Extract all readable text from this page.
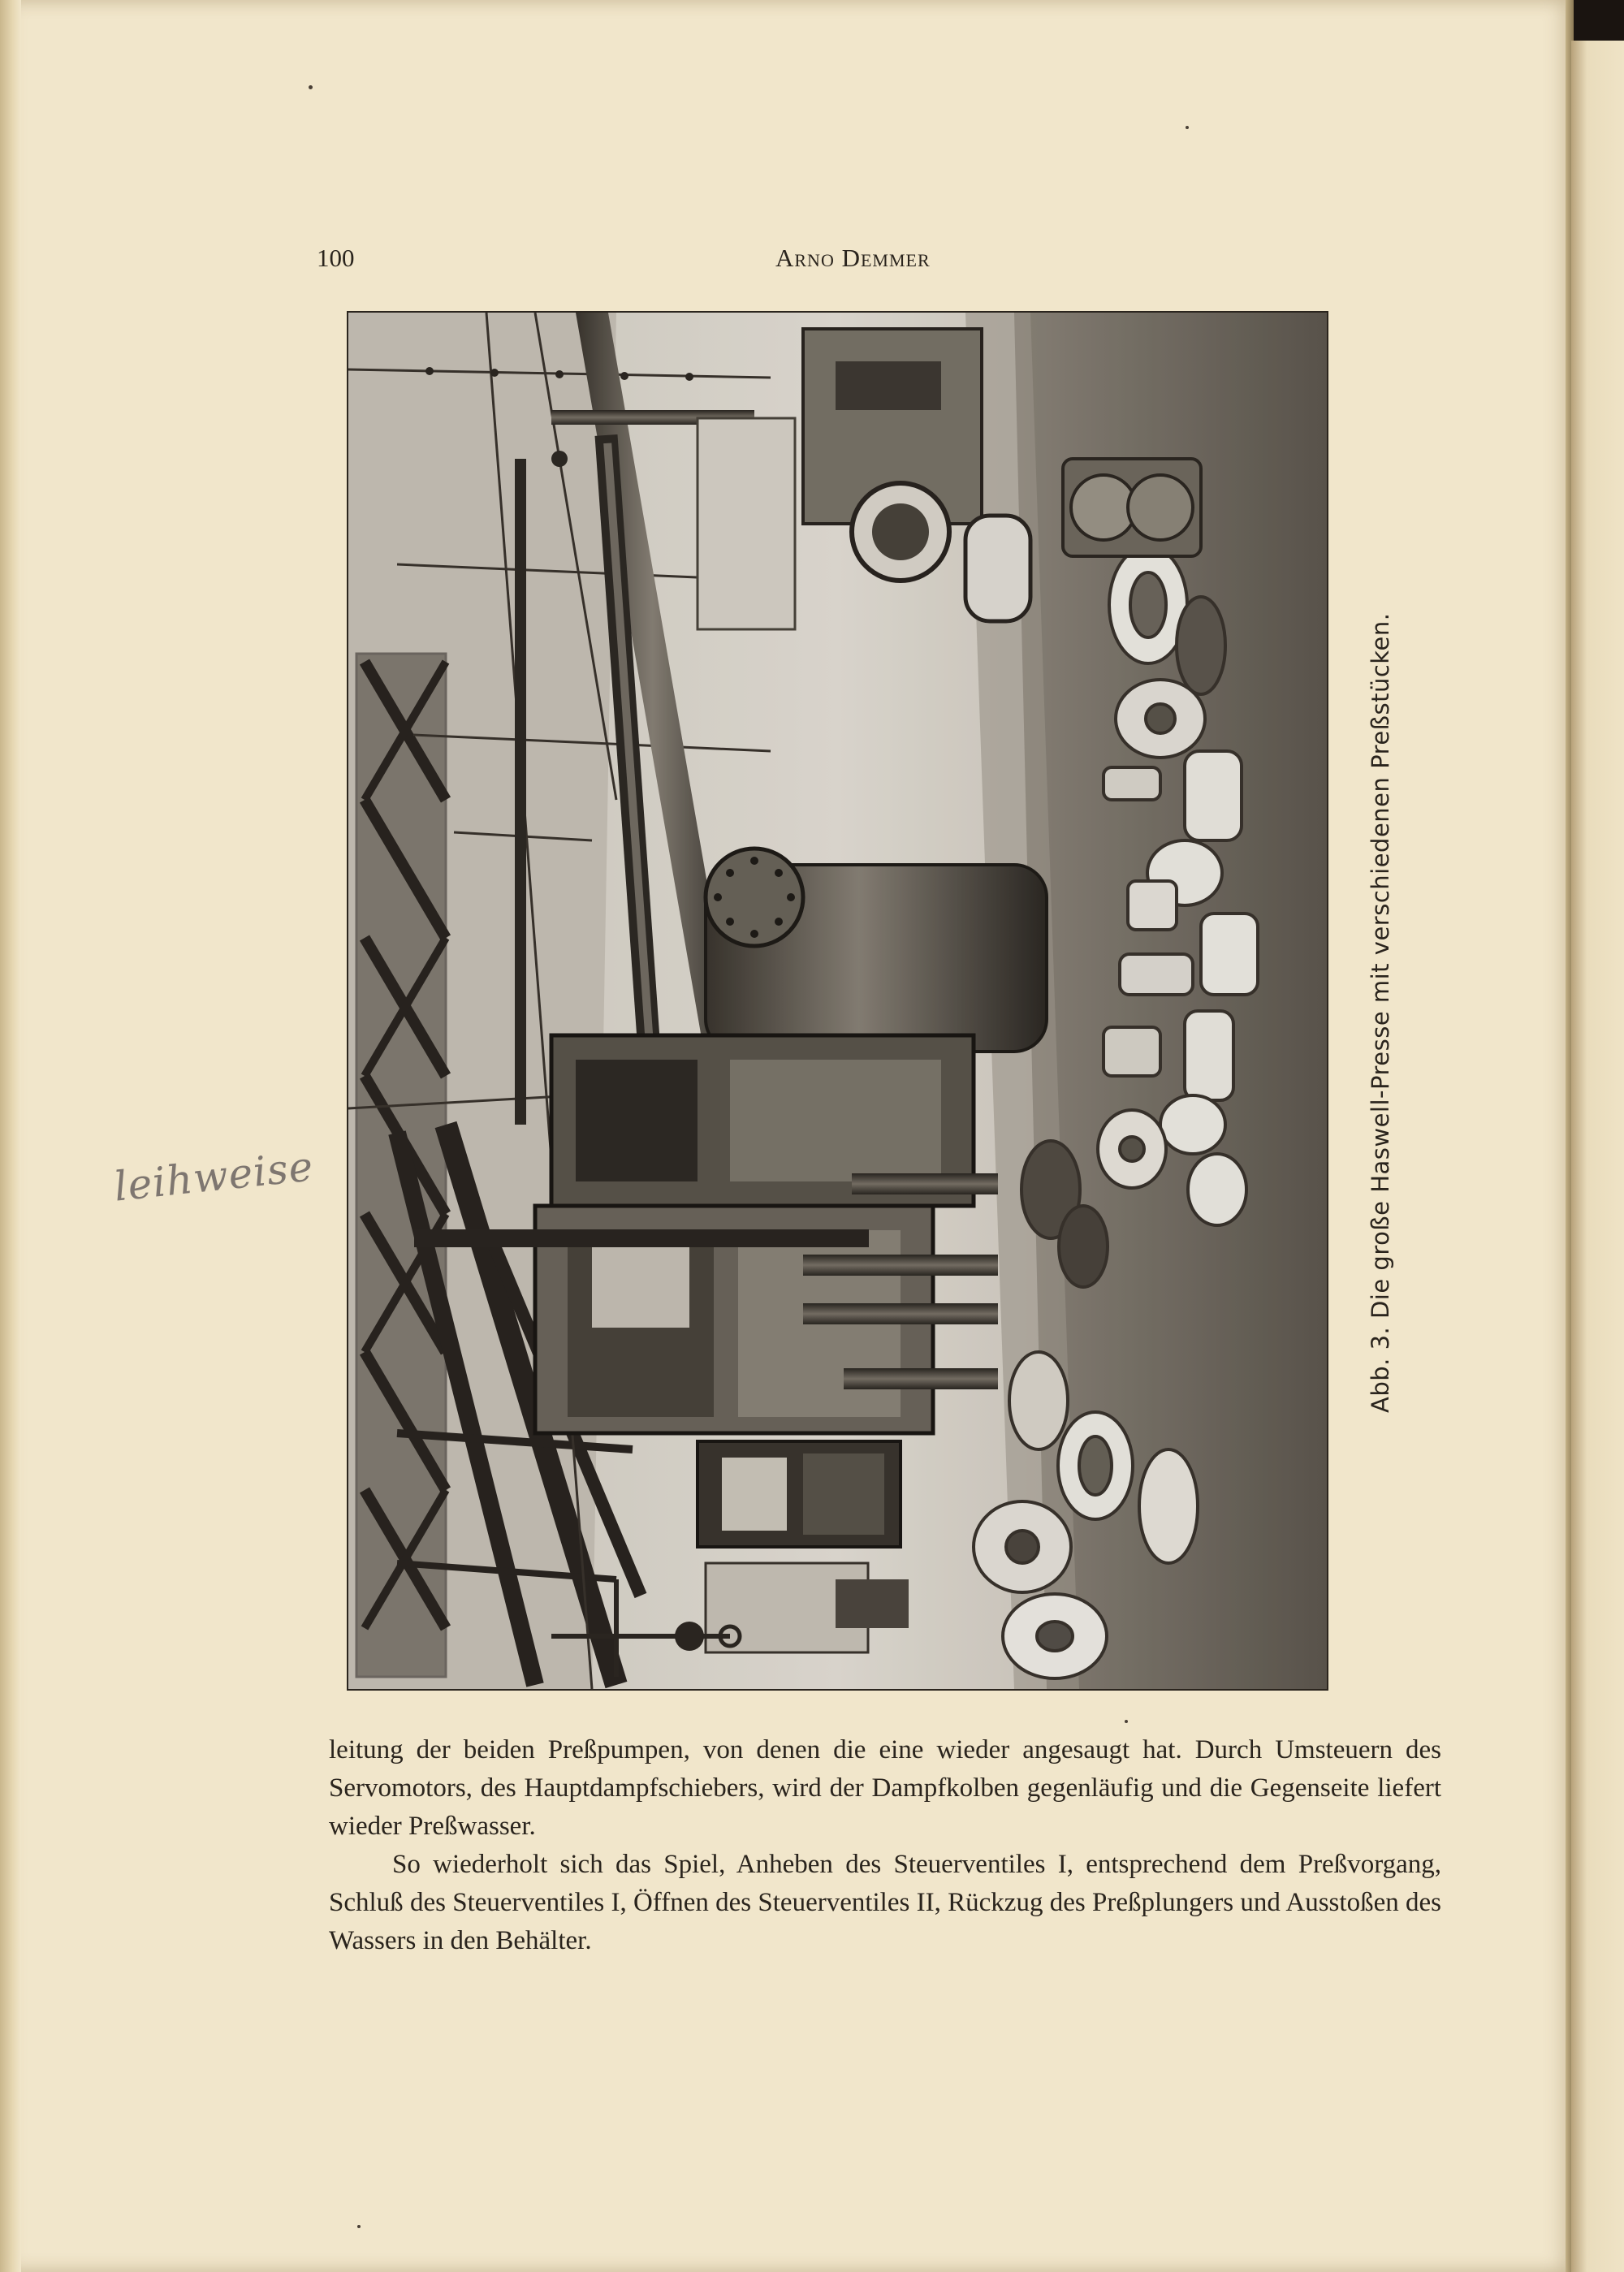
100	Arno Demmer
Abb. 3. Die große Haswell-Presse mit verschiedenen Preßstücken.
leihweise

leitung der beiden Preßpumpen, von denen die eine wieder angesaugt hat. Durch Umsteuern des Servomotors, des Hauptdampfschiebers, wird der Dampfkolben gegenläufig und die Gegenseite liefert wieder Preßwasser.

So wiederholt sich das Spiel, Anheben des Steuerventiles I, entsprechend dem Preßvorgang, Schluß des Steuerventiles I, Öffnen des Steuerventiles II, Rückzug des Preßplungers und Ausstoßen des Wassers in den Behälter.
